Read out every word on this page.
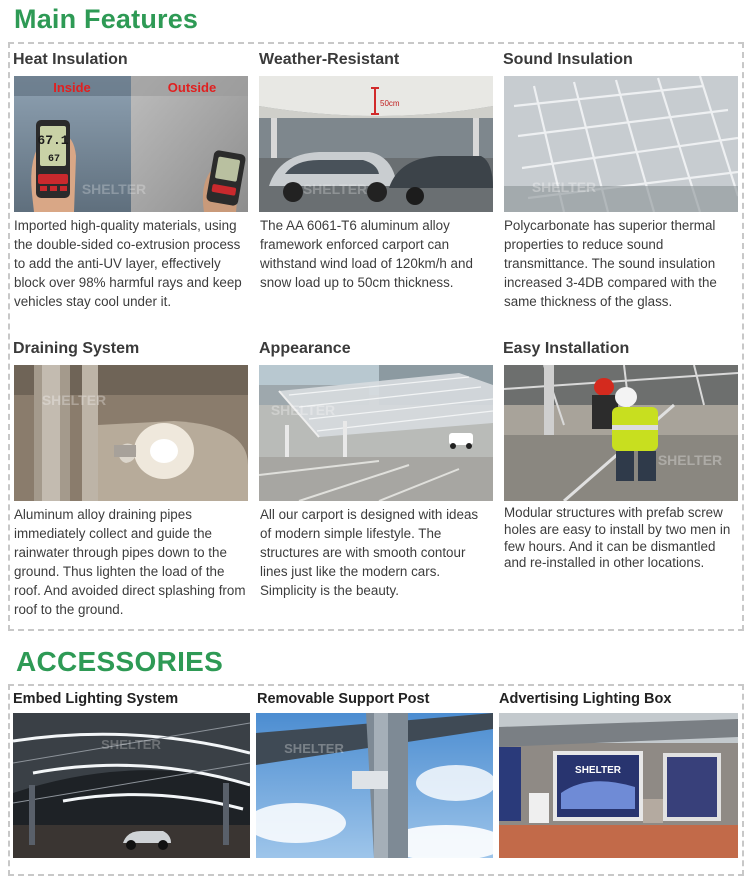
Main Features
Heat Insulation
67.1
67
Inside	Outside
SHELTER
Imported high-quality materials, using the double-sided co-extrusion process to add the anti-UV layer, effectively block over 98% harmful rays and keep vehicles stay cool under it.
Weather-Resistant
50cm
SHELTER
The AA 6061-T6 aluminum alloy framework enforced carport can withstand wind load of 120km/h and snow load up to 50cm thickness.
Sound Insulation
SHELTER
Polycarbonate has superior thermal properties to reduce sound transmittance. The sound insulation increased 3-4DB compared with the same thickness of the glass.
Draining System
SHELTER
Aluminum alloy draining pipes immediately collect and guide the rainwater through pipes down to the ground. Thus lighten the load of the roof. And avoided direct splashing from roof to the ground.
Appearance
SHELTER
All our carport is designed with ideas of modern simple lifestyle. The structures are with smooth contour lines just like the modern cars. Simplicity is the beauty.
Easy Installation
SHELTER
Modular structures with prefab screw holes are easy to install by two men in few hours. And it can be dismantled and re-installed in other locations.
ACCESSORIES
Embed Lighting System
SHELTER
Removable Support Post
SHELTER
Advertising Lighting Box
SHELTER
